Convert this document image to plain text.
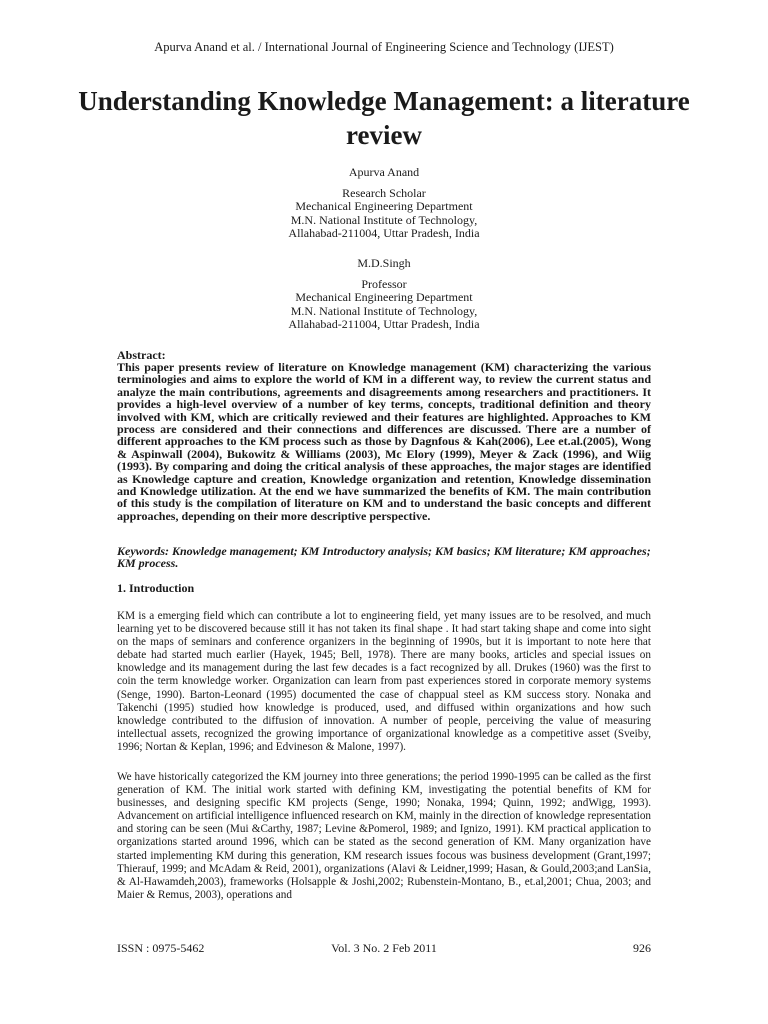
Apurva Anand et al. / International Journal of Engineering Science and Technology (IJEST)
Understanding Knowledge Management: a literature review
Apurva Anand
Research Scholar
Mechanical Engineering Department
M.N. National Institute of Technology,
Allahabad-211004, Uttar Pradesh, India
M.D.Singh
Professor
Mechanical Engineering Department
M.N. National Institute of Technology,
Allahabad-211004, Uttar Pradesh, India
Abstract:
This paper presents review of literature on Knowledge management (KM) characterizing the various terminologies and aims to explore the world of KM in a different way, to review the current status and analyze the main contributions, agreements and disagreements among researchers and practitioners. It provides a high-level overview of a number of key terms, concepts, traditional definition and theory involved with KM, which are critically reviewed and their features are highlighted. Approaches to KM process are considered and their connections and differences are discussed. There are a number of different approaches to the KM process such as those by Dagnfous & Kah(2006), Lee et.al.(2005), Wong & Aspinwall (2004), Bukowitz & Williams (2003), Mc Elory (1999), Meyer & Zack (1996), and Wiig (1993). By comparing and doing the critical analysis of these approaches, the major stages are identified as Knowledge capture and creation, Knowledge organization and retention, Knowledge dissemination and Knowledge utilization. At the end we have summarized the benefits of KM. The main contribution of this study is the compilation of literature on KM and to understand the basic concepts and different approaches, depending on their more descriptive perspective.
Keywords: Knowledge management; KM Introductory analysis; KM basics; KM literature; KM approaches; KM process.
1. Introduction
KM is a emerging field which can contribute a lot to engineering field, yet many issues are to be resolved, and much learning yet to be discovered because still it has not taken its final shape . It had start taking shape and come into sight on the maps of seminars and conference organizers in the beginning of 1990s, but it is important to note here that debate had started much earlier (Hayek, 1945; Bell, 1978). There are many books, articles and special issues on knowledge and its management during the last few decades is a fact recognized by all. Drukes (1960) was the first to coin the term knowledge worker. Organization can learn from past experiences stored in corporate memory systems (Senge, 1990). Barton-Leonard (1995) documented the case of chappual steel as KM success story. Nonaka and Takenchi (1995) studied how knowledge is produced, used, and diffused within organizations and how such knowledge contributed to the diffusion of innovation. A number of people, perceiving the value of measuring intellectual assets, recognized the growing importance of organizational knowledge as a competitive asset (Sveiby, 1996; Nortan & Keplan, 1996; and Edvineson & Malone, 1997).
We have historically categorized the KM journey into three generations; the period 1990-1995 can be called as the first generation of KM. The initial work started with defining KM, investigating the potential benefits of KM for businesses, and designing specific KM projects (Senge, 1990; Nonaka, 1994; Quinn, 1992; andWigg, 1993). Advancement on artificial intelligence influenced research on KM, mainly in the direction of knowledge representation and storing can be seen (Mui &Carthy, 1987; Levine &Pomerol, 1989; and Ignizo, 1991). KM practical application to organizations started around 1996, which can be stated as the second generation of KM. Many organization have started implementing KM during this generation, KM research issues focous was business development (Grant,1997; Thierauf, 1999; and McAdam & Reid, 2001), organizations (Alavi & Leidner,1999; Hasan, & Gould,2003;and LanSia, & Al-Hawamdeh,2003), frameworks (Holsapple & Joshi,2002; Rubenstein-Montano, B., et.al,2001; Chua, 2003; and Maier & Remus, 2003), operations and
ISSN : 0975-5462	Vol. 3 No. 2 Feb 2011	926
